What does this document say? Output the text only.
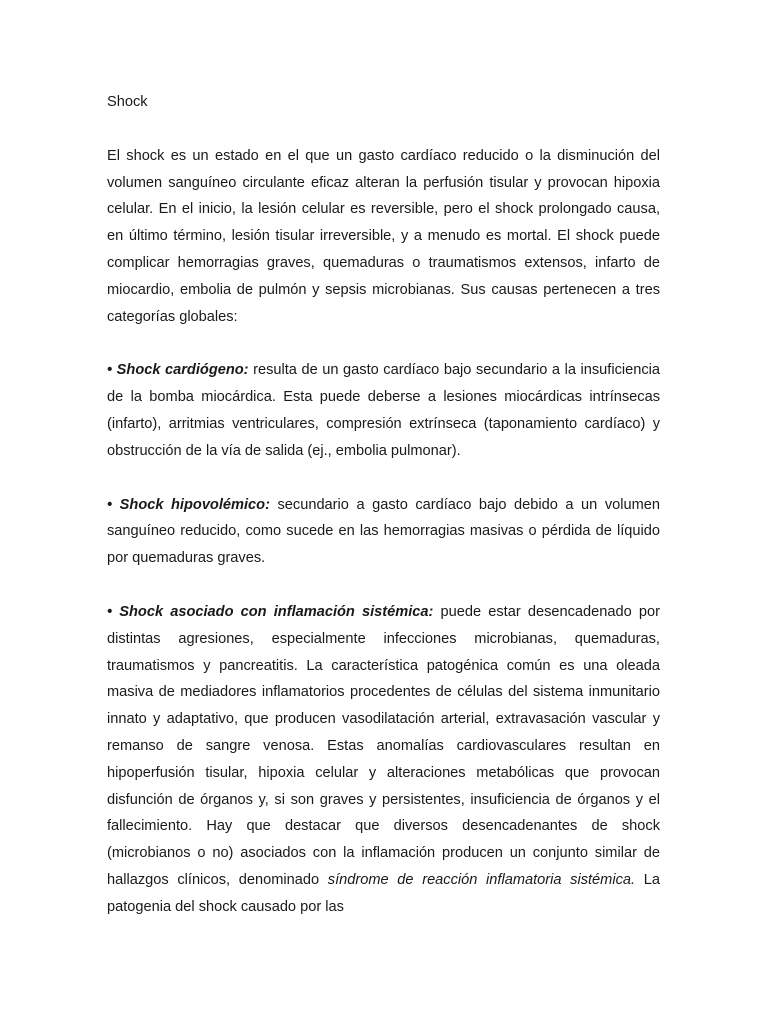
Shock

El shock es un estado en el que un gasto cardíaco reducido o la disminución del volumen sanguíneo circulante eficaz alteran la perfusión tisular y provocan hipoxia celular. En el inicio, la lesión celular es reversible, pero el shock prolongado causa, en último término, lesión tisular irreversible, y a menudo es mortal. El shock puede complicar hemorragias graves, quemaduras o traumatismos extensos, infarto de miocardio, embolia de pulmón y sepsis microbianas. Sus causas pertenecen a tres categorías globales:

• Shock cardiógeno: resulta de un gasto cardíaco bajo secundario a la insuficiencia de la bomba miocárdica. Esta puede deberse a lesiones miocárdicas intrínsecas (infarto), arritmias ventriculares, compresión extrínseca (taponamiento cardíaco) y obstrucción de la vía de salida (ej., embolia pulmonar).

• Shock hipovolémico: secundario a gasto cardíaco bajo debido a un volumen sanguíneo reducido, como sucede en las hemorragias masivas o pérdida de líquido por quemaduras graves.

• Shock asociado con inflamación sistémica: puede estar desencadenado por distintas agresiones, especialmente infecciones microbianas, quemaduras, traumatismos y pancreatitis. La característica patogénica común es una oleada masiva de mediadores inflamatorios procedentes de células del sistema inmunitario innato y adaptativo, que producen vasodilatación arterial, extravasación vascular y remanso de sangre venosa. Estas anomalías cardiovasculares resultan en hipoperfusión tisular, hipoxia celular y alteraciones metabólicas que provocan disfunción de órganos y, si son graves y persistentes, insuficiencia de órganos y el fallecimiento. Hay que destacar que diversos desencadenantes de shock (microbianos o no) asociados con la inflamación producen un conjunto similar de hallazgos clínicos, denominado síndrome de reacción inflamatoria sistémica. La patogenia del shock causado por las
